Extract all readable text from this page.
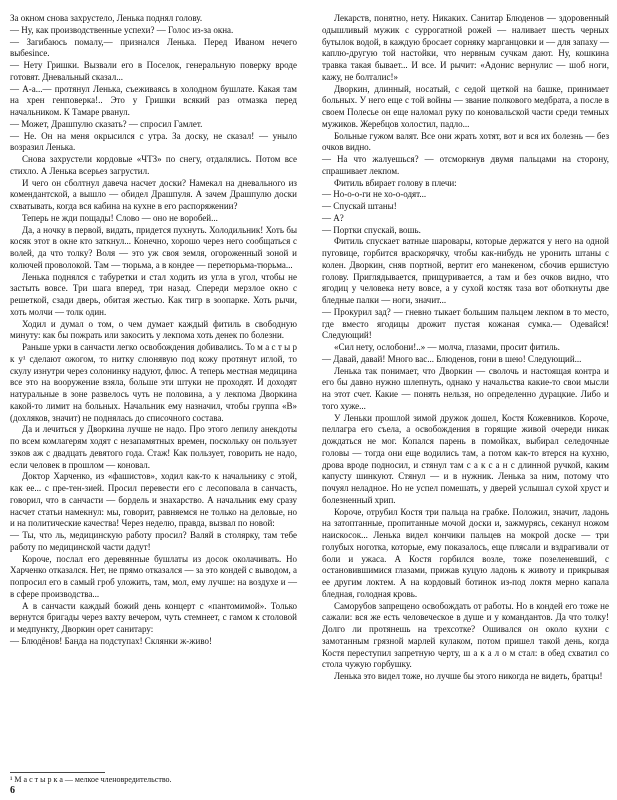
За окном снова захрустело, Ленька поднял голову.

— Ну, как производственные успехи? — Голос из-за окна.

— Загибаюсь помалу,— признался Ленька. Перед Иваном нечего выбеsince.

— Нету Гришки. Вызвали его в Поселок, генеральную поверку вроде готовят. Дневальный сказал...

— А-а...— протянул Ленька, съеживаясь в холодном бушлате. Какая там на хрен генповерка!.. Это у Гришки всякий раз отмазка перед начальником. К Тамаре рванул.

— Может, Драшпулю сказать? — спросил Гамлет.

— Не. Он на меня окрысился с утра. За доску, не сказал! — уныло возразил Ленька.

Снова захрустели кордовые «ЧТЗ» по снегу, отдалялись. Потом все стихло. А Ленька всерьез загрустил.

И чего он сболтнул давеча насчет доски? Намекал на дневального из комендантской, а вышло — обидел Драшпуля. А зачем Драшпулю доски схватывать, когда вся кабина на кухне в его распоряжении?

Теперь не жди пощады! Слово — оно не воробей...

Да, а ночку в первой, видать, придется пухнуть. Холодильник! Хоть бы косяк этот в окне кто заткнул... Конечно, хорошо через него сообщаться с волей, да что толку? Воля — это уж своя земля, огороженный зоной и колючей проволокой. Там — тюрьма, а в кондее — перетюрьма-тюрьма...

Ленька поднялся с табуретки и стал ходить из угла в угол, чтобы не застыть вовсе. Три шага вперед, три назад. Спереди мерзлое окно с решеткой, сзади дверь, обитая жестью. Как тигр в зоопарке. Хоть рычи, хоть молчи — толк один.

Ходил и думал о том, о чем думает каждый фитиль в свободную минуту: как бы пожрать или закосить у лекпома хоть денек по болезни.

Раньше урки в санчасти легко освобождения добивались. То м а с т ы р к у¹ сделают ожогом, то нитку слюнявую под кожу протянут иглой, то скулу изнутри через солонинку надуют, флюс. А теперь местная медицина все это на вооружение взяла, больше эти штуки не проходят. И доходят натуральные в зоне развелось чуть не половина, а у лекпома Дворкина какой-то лимит на больных. Начальник ему назначил, чтобы группа «В» (дохляков, значит) не поднялась до списочного состава.

Да и лечиться у Дворкина лучше не надо. Про этого лепилу анекдоты по всем комлагерям ходят с незапамятных времен, поскольку он пользует зэков аж с двадцать девятого года. Стаж! Как пользует, говорить не надо, если человек в прошлом — коновал.

Доктор Харченко, из «фашистов», ходил как-то к начальнику с этой, как ее... с пре-тен-зией. Просил перевести его с лесоповала в санчасть, говорил, что в санчасти — бордель и знахарство. А начальник ему сразу насчет статьи намекнул: мы, говорит, равняемся не только на деловые, но и на политические качества! Через неделю, правда, вызвал по новой:

— Ты, что ль, медицинскую работу просил? Валяй в столярку, там тебе работу по медицинской части дадут!

Короче, послал его деревянные бушлаты из досок околачивать. Но Харченко отказался. Нет, не прямо отказался — за это кондей с выводом, а попросил его в самый гроб уложить, там, мол, ему лучше: на воздухе и — в сфере производства...

А в санчасти каждый божий день концерт с «пантомимой». Только вернутся бригады через вахту вечером, чуть стемнеет, с гамом к столовой и медпункту, Дворкин орет санитару:

— Блюдёнов! Банда на подступах! Склянки ж-живо!

Лекарств, понятно, нету. Никаких. Санитар Блюденов — здоровенный одышливый мужик с суррогатной рожей — наливает шесть черных бутылок водой, в каждую бросает сорняку марганцовки и — для запаху — каплю-другую той настойки, что нервным сучкам дают. Ну, кошкина травка такая бывает... И все. И рычит: «Адонис вернулис — шоб ноги, кажу, не болталис!»

Дворкин, длинный, носатый, с седой щеткой на башке, принимает больных. У него еще с той войны — звание полкового медбрата, а после в своем Полесье он еще наломал руку по коновальской части среди темных мужиков. Жеребцов холостил, падло...

Больные гужом валят. Все они жрать хотят, вот и вся их болезнь — без очков видно.

— На что жалуешься? — отсморкнув двумя пальцами на сторону, спрашивает лекпом.

Фитиль вбирает голову в плечи:

— Но-о-о-ги не хо-о-одят...

— Спускай штаны!

— А?

— Портки спускай, вошь.

Фитиль спускает ватные шаровары, которые держатся у него на одной пуговице, горбится враскорячку, чтобы как-нибудь не уронить штаны с колен. Дворкин, сняв портной, вертит его манекеном, сбочив ершистую голову. Приглядывается, прищуривается, а там и без очков видно, что ягодиц у человека нету вовсе, а у сухой костяк таза вот оботкнуты две бледные палки — ноги, значит...

— Прокурил зад? — гневно тыкает большим пальцем лекпом в то место, где вместо ягодицы дрожит пустая кожаная сумка.— Одевайся! Следующий!

«Сил нету, ослобони!..» — молча, глазами, просит фитиль.

— Давай, давай! Много вас... Блюденов, гони в шею! Следующий...

Ленька так понимает, что Дворкин — сволочь и настоящая контра и его бы давно нужно шлепнуть, однако у начальства какие-то свои мысли на этот счет. Какие — понять нельзя, но определенно дурацкие. Либо и того хуже...

У Леньки прошлой зимой дружок дошел, Костя Кожевников. Короче, пеллагра его съела, а освобождения в горящие живой очереди никак дождаться не мог. Копался парень в помойках, выбирал селедочные головы — тогда они еще водились там, а потом как-то втерся на кухню, дрова вроде подносил, и стянул там с а к с а н с длинной ручкой, каким капусту шинкуют. Стянул — и в нужник. Ленька за ним, потому что почуял неладное. Но не успел помешать, у дверей услышал сухой хруст и болезненный хрип.

Короче, отрубил Костя три пальца на грабке. Положил, значит, ладонь на затоптанные, пропитанные мочой доски и, зажмурясь, секанул ножом наискосок... Ленька видел кончики пальцев на мокрой доске — три голубых ноготка, которые, ему показалось, еще плясали и вздрагивали от боли и ужаса. А Костя горбился возле, тоже позеленевший, с остановившимися глазами, прижав куцую ладонь к животу и прикрывая ее другим локтем. А на кордовый ботинок из-под локтя мерно капала бледная, голодная кровь.

Саморубов запрещено освобождать от работы. Но в кондей его тоже не сажали: вся же есть человеческое в душе и у командантов. Да что толку! Долго ли протянешь на трехсотке? Ошивался он около кухни с замотанным грязной марлей кулаком, потом пришел такой день, когда Костя переступил запретную черту, ш а к а л о м стал: в обед схватил со стола чужую горбушку.

Ленька это видел тоже, но лучше бы этого никогда не видеть, братцы!

¹ М а с т ы р к а — мелкое членовредительство.
6
